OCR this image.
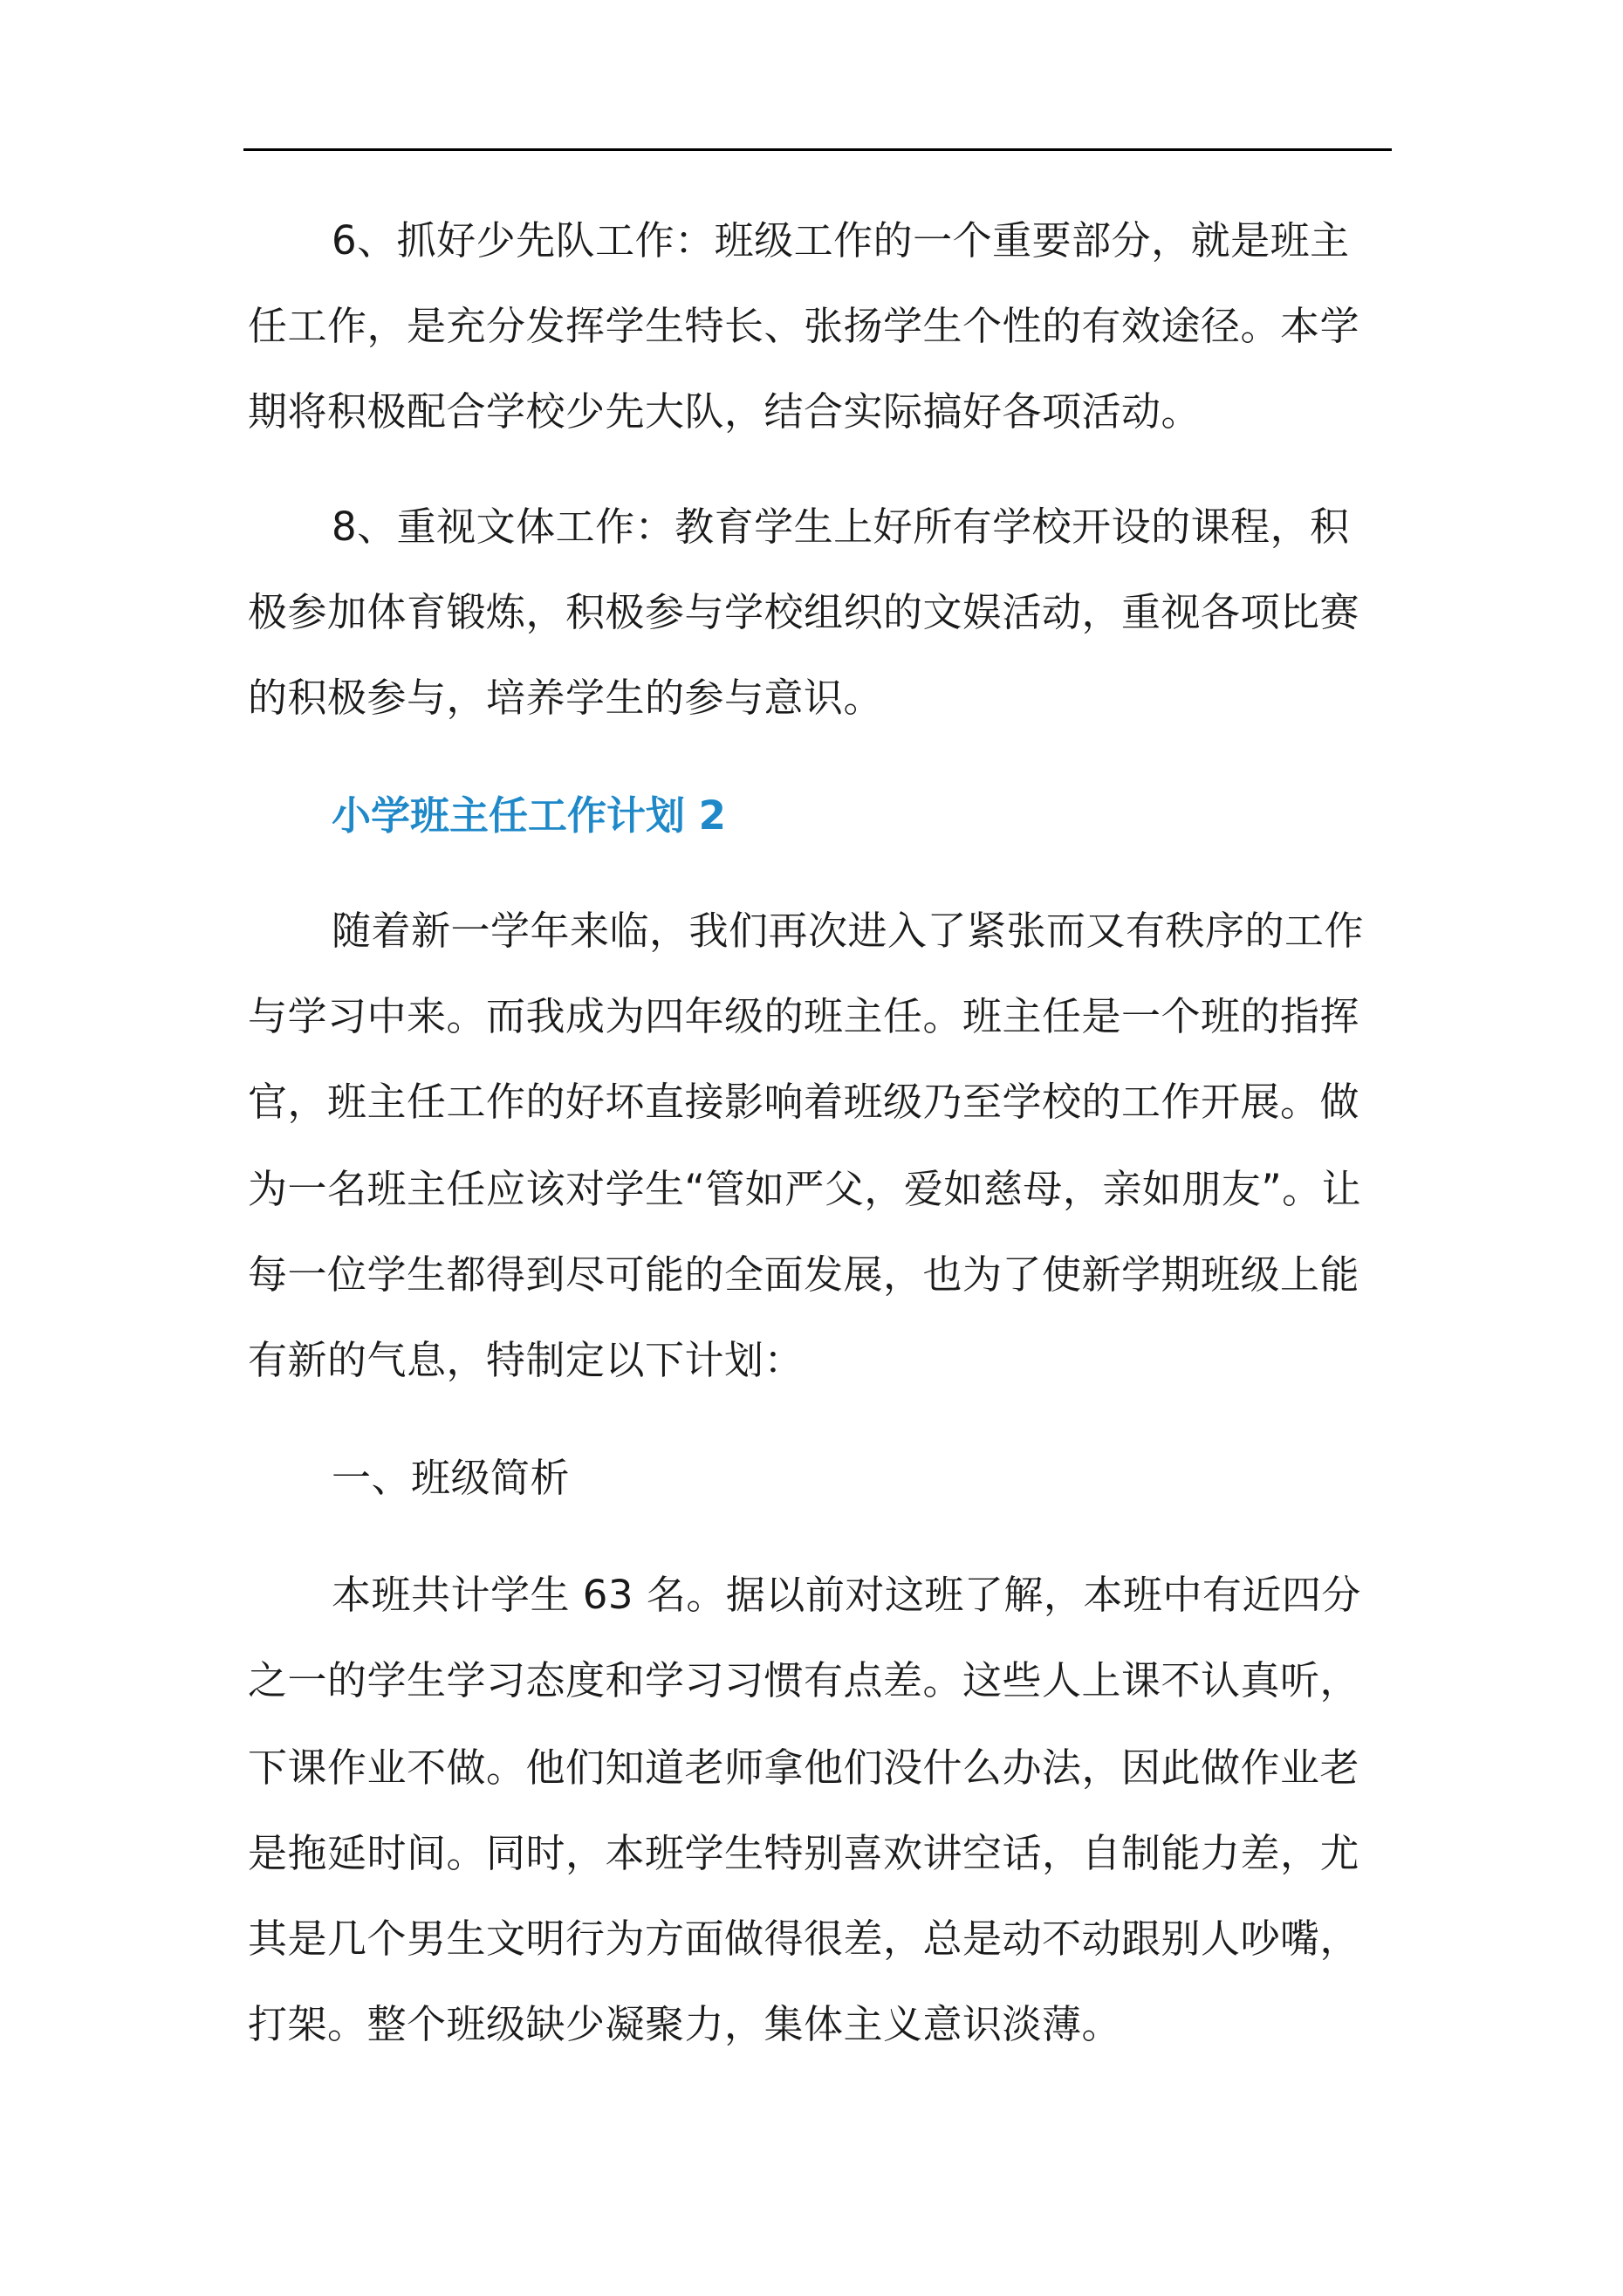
6、抓好少先队工作：班级工作的一个重要部分，就是班主
任工作，是充分发挥学生特长、张扬学生个性的有效途径。本学
期将积极配合学校少先大队，结合实际搞好各项活动。
8、重视文体工作：教育学生上好所有学校开设的课程，积
极参加体育锻炼，积极参与学校组织的文娱活动，重视各项比赛
的积极参与，培养学生的参与意识。
小学班主任工作计划 2
随着新一学年来临，我们再次进入了紧张而又有秩序的工作
与学习中来。而我成为四年级的班主任。班主任是一个班的指挥
官，班主任工作的好坏直接影响着班级乃至学校的工作开展。做
为一名班主任应该对学生“管如严父，爱如慈母，亲如朋友”。让
每一位学生都得到尽可能的全面发展，也为了使新学期班级上能
有新的气息，特制定以下计划：
一、班级简析
本班共计学生 63 名。据以前对这班了解，本班中有近四分
之一的学生学习态度和学习习惯有点差。这些人上课不认真听，
下课作业不做。他们知道老师拿他们没什么办法，因此做作业老
是拖延时间。同时，本班学生特别喜欢讲空话，自制能力差，尤
其是几个男生文明行为方面做得很差，总是动不动跟别人吵嘴，
打架。整个班级缺少凝聚力，集体主义意识淡薄。
